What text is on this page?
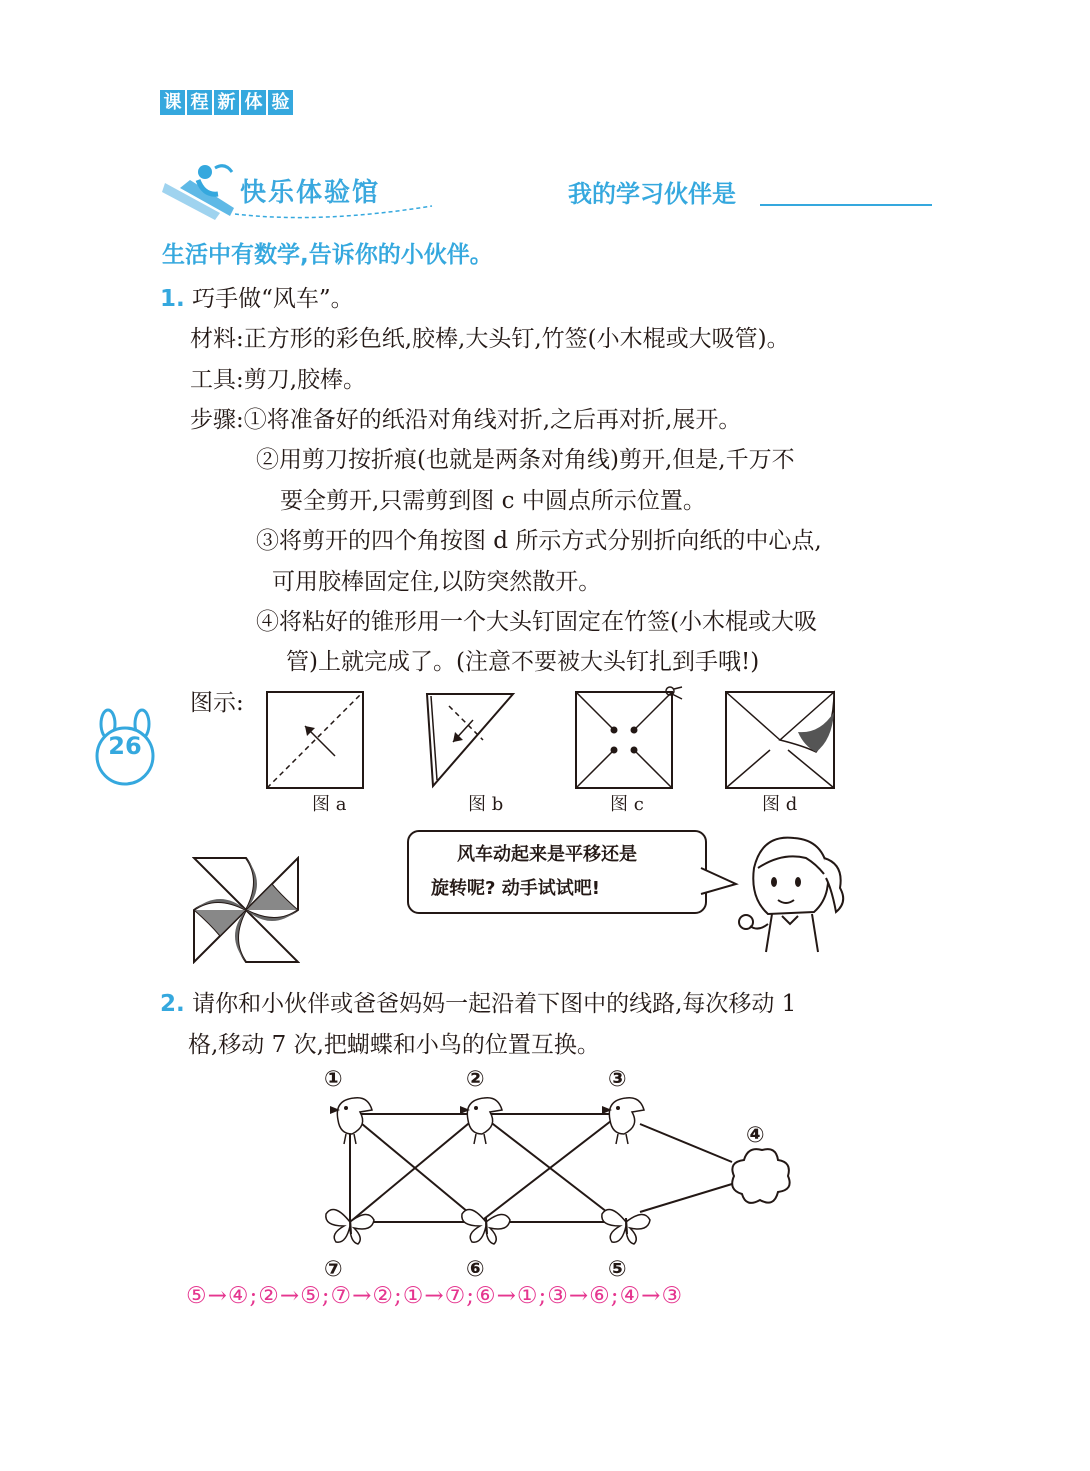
课 程 新 体 验
快乐体验馆	我的学习伙伴是
生活中有数学,告诉你的小伙伴。
1. 巧手做“风车”。
材料:正方形的彩色纸,胶棒,大头钉,竹签(小木棍或大吸管)。
工具:剪刀,胶棒。
步骤:①将准备好的纸沿对角线对折,之后再对折,展开。
②用剪刀按折痕(也就是两条对角线)剪开,但是,千万不
要全剪开,只需剪到图 c 中圆点所示位置。
③将剪开的四个角按图 d 所示方式分别折向纸的中心点,
可用胶棒固定住,以防突然散开。
④将粘好的锥形用一个大头钉固定在竹签(小木棍或大吸
管)上就完成了。(注意不要被大头钉扎到手哦!)
图示:
图 a	图 b	图 c	图 d
26
风车动起来是平移还是
旋转呢? 动手试试吧!
2. 请你和小伙伴或爸爸妈妈一起沿着下图中的线路,每次移动 1
格,移动 7 次,把蝴蝶和小鸟的位置互换。
①	②	③
④
⑤
⑥
⑦
⑤→④;②→⑤;⑦→②;①→⑦;⑥→①;③→⑥;④→③
